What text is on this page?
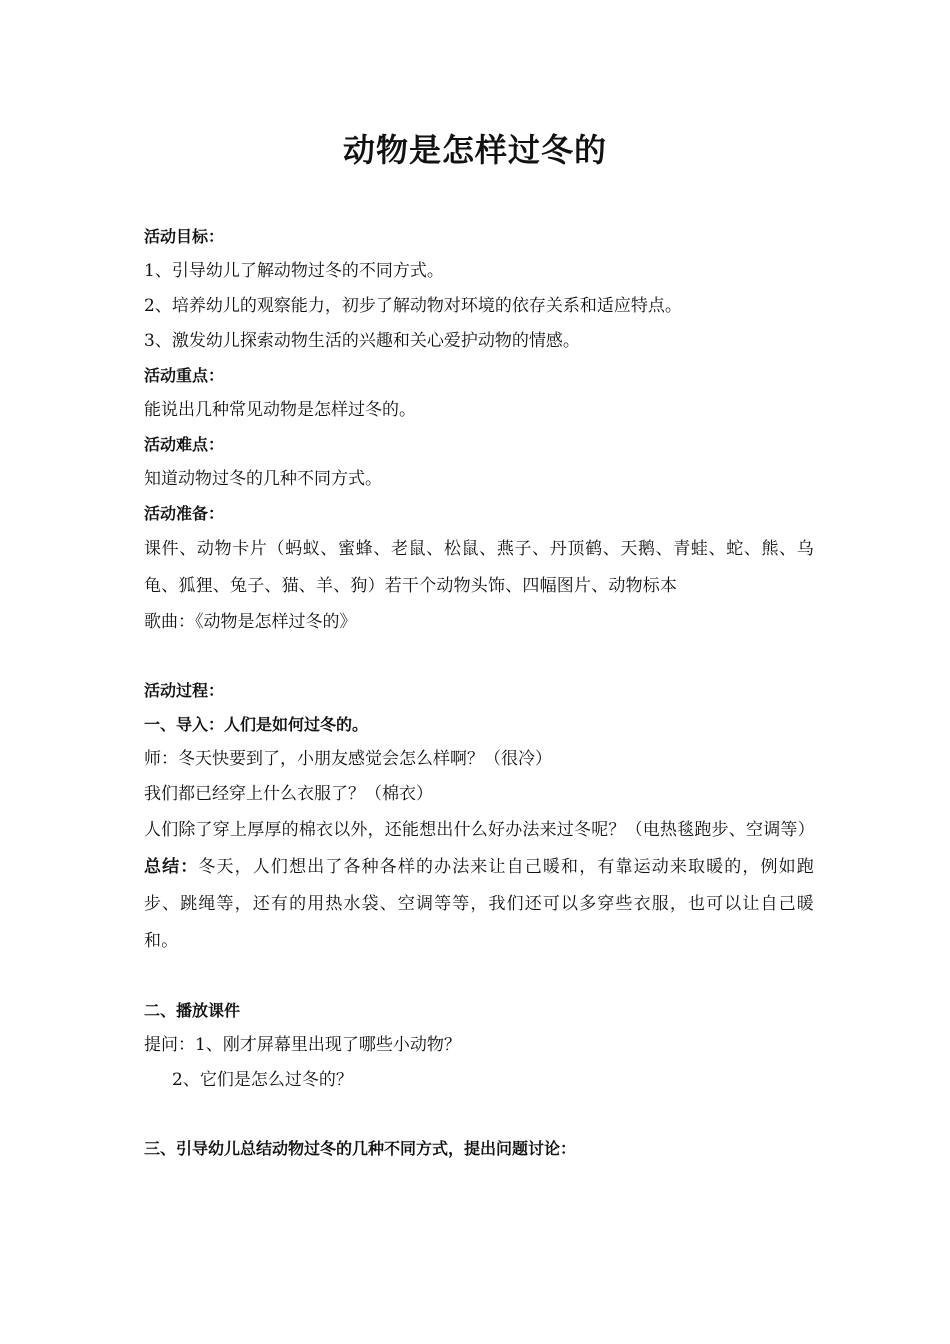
动物是怎样过冬的
活动目标：
1、引导幼儿了解动物过冬的不同方式。
2、培养幼儿的观察能力，初步了解动物对环境的依存关系和适应特点。
3、激发幼儿探索动物生活的兴趣和关心爱护动物的情感。
活动重点：
能说出几种常见动物是怎样过冬的。
活动难点：
知道动物过冬的几种不同方式。
活动准备：
课件、动物卡片（蚂蚁、蜜蜂、老鼠、松鼠、燕子、丹顶鹤、天鹅、青蛙、蛇、熊、乌龟、狐狸、兔子、猫、羊、狗）若干个动物头饰、四幅图片、动物标本
歌曲：《动物是怎样过冬的》
活动过程：
一、导入：人们是如何过冬的。
师：冬天快要到了，小朋友感觉会怎么样啊？（很冷）
我们都已经穿上什么衣服了？（棉衣）
人们除了穿上厚厚的棉衣以外，还能想出什么好办法来过冬呢？（电热毯跑步、空调等）
总结：冬天，人们想出了各种各样的办法来让自己暖和，有靠运动来取暖的，例如跑步、跳绳等，还有的用热水袋、空调等等，我们还可以多穿些衣服，也可以让自己暖和。
二、播放课件
提问：1、刚才屏幕里出现了哪些小动物？
2、它们是怎么过冬的？
三、引导幼儿总结动物过冬的几种不同方式，提出问题讨论：
